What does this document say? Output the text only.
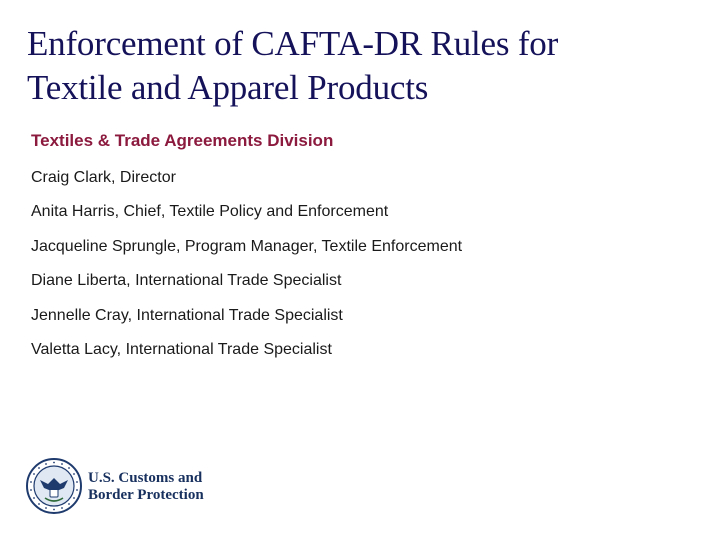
Enforcement of CAFTA-DR Rules for
Textile and Apparel Products
Textiles & Trade Agreements Division
Craig Clark, Director
Anita Harris, Chief, Textile Policy and Enforcement
Jacqueline Sprungle, Program Manager, Textile Enforcement
Diane Liberta, International Trade Specialist
Jennelle Cray, International Trade Specialist
Valetta Lacy, International Trade Specialist
U.S. Customs and
Border Protection
